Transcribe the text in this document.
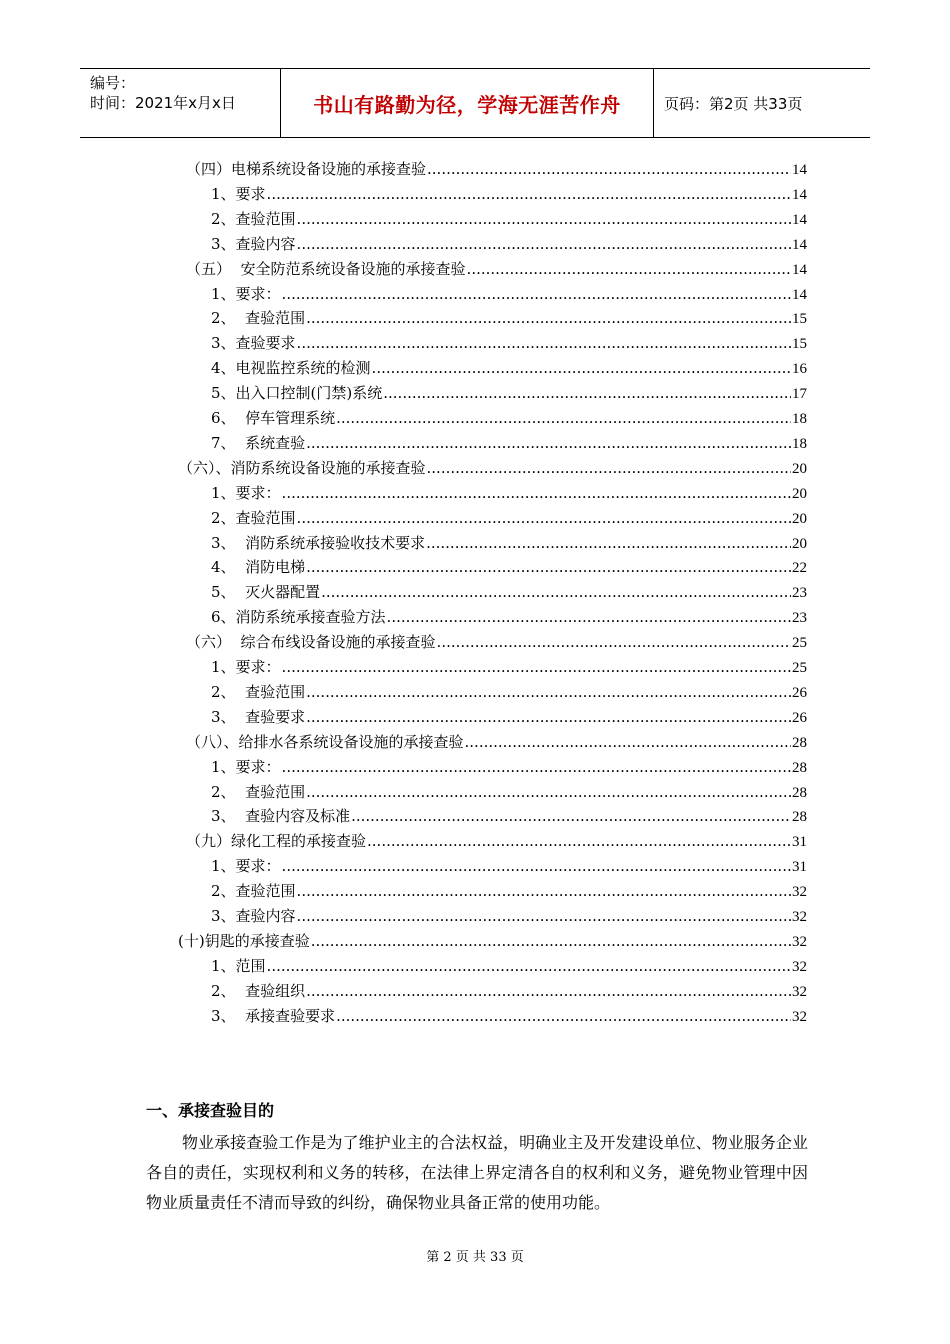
编号：
时间：2021年x月x日	书山有路勤为径，学海无涯苦作舟	页码：第2页 共33页
（四）电梯系统设备设施的承接查验 .....	14
1、要求 .....	14
2、查验范围 .....	14
3、查验内容 .....	14
（五）  安全防范系统设备设施的承接查验 .....	14
1、要求： .....	14
2、  查验范围 .....	15
3、查验要求 .....	15
4、电视监控系统的检测 .....	16
5、出入口控制(门禁)系统 .....	17
6、  停车管理系统 .....	18
7、  系统查验 .....	18
（六）、消防系统设备设施的承接查验 .....	20
1、要求： .....	20
2、查验范围 .....	20
3、  消防系统承接验收技术要求 .....	20
4、  消防电梯 .....	22
5、  灭火器配置 .....	23
6、消防系统承接查验方法 .....	23
（六）  综合布线设备设施的承接查验 .....	25
1、要求： .....	25
2、  查验范围 .....	26
3、  查验要求 .....	26
（八）、给排水各系统设备设施的承接查验 .....	28
1、要求： .....	28
2、  查验范围 .....	28
3、  查验内容及标准 .....	28
（九）绿化工程的承接查验 .....	31
1、要求： .....	31
2、查验范围 .....	32
3、查验内容 .....	32
(十)钥匙的承接查验 .....	32
1、范围 .....	32
2、  查验组织 .....	32
3、  承接查验要求 .....	32
一、承接查验目的
物业承接查验工作是为了维护业主的合法权益，明确业主及开发建设单位、物业服务企业各自的责任，实现权利和义务的转移，在法律上界定清各自的权利和义务，避免物业管理中因物业质量责任不清而导致的纠纷，确保物业具备正常的使用功能。
第 2 页 共 33 页
